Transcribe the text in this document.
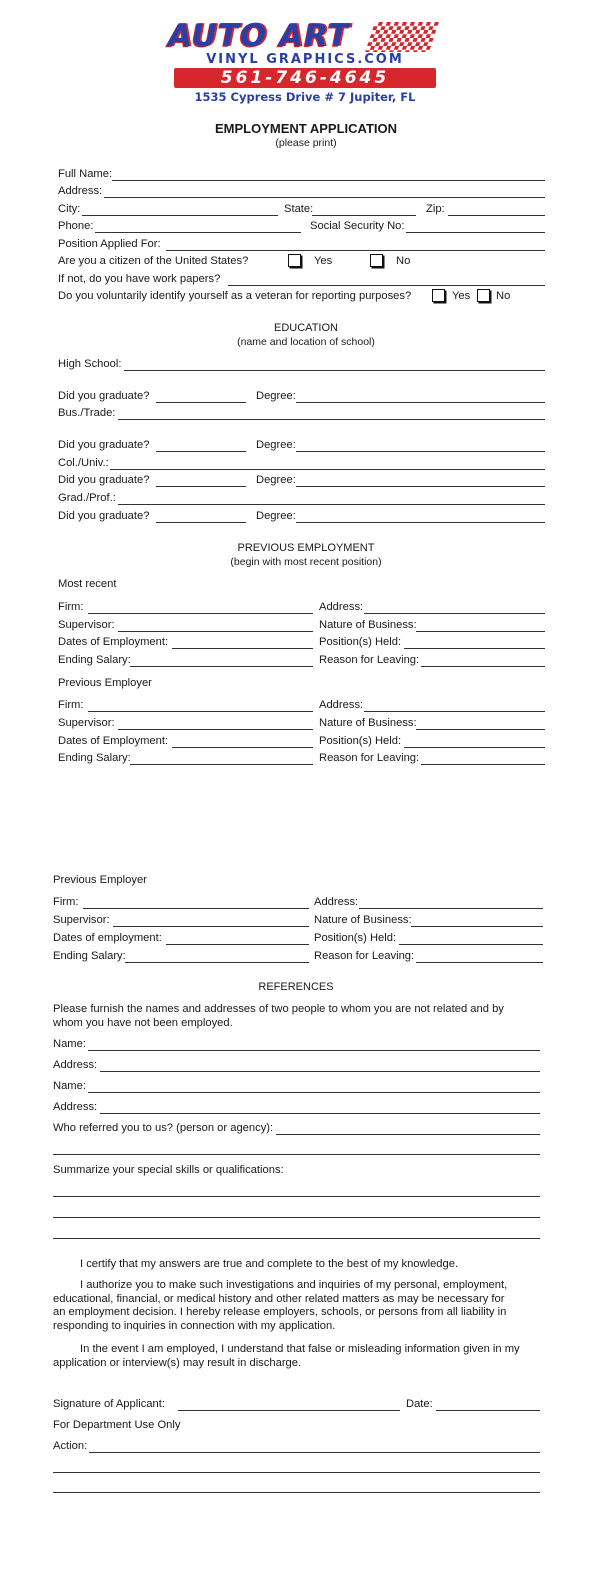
AUTO ART
VINYL GRAPHICS.COM
561-746-4645
1535 Cypress Drive # 7 Jupiter, FL
EMPLOYMENT APPLICATION
(please print)
Full Name:
Address:
City:	State:	Zip:
Phone:	Social Security No:
Position Applied For:
Are you a citizen of the United States?	Yes	No
If not, do you have work papers?
Do you voluntarily identify yourself as a veteran for reporting purposes?	Yes No
EDUCATION
(name and location of school)
High School:
Did you graduate?	Degree:
Bus./Trade:
Did you graduate?	Degree:
Col./Univ.:
Did you graduate?	Degree:
Grad./Prof.:
Did you graduate?	Degree:
PREVIOUS EMPLOYMENT
(begin with most recent position)
Most recent
Firm:	Address:
Supervisor:	Nature of Business:
Dates of Employment:	Position(s) Held:
Ending Salary:	Reason for Leaving:
Previous Employer
Firm:	Address:
Supervisor:	Nature of Business:
Dates of Employment:	Position(s) Held:
Ending Salary:	Reason for Leaving:
Previous Employer
Firm:	Address:
Supervisor:	Nature of Business:
Dates of employment:	Position(s) Held:
Ending Salary:	Reason for Leaving:
REFERENCES
Please furnish the names and addresses of two people to whom you are not related and by
whom you have not been employed.
Name:
Address:
Name:
Address:
Who referred you to us? (person or agency):
Summarize your special skills or qualifications:
I certify that my answers are true and complete to the best of my knowledge.
I authorize you to make such investigations and inquiries of my personal, employment,
educational, financial, or medical history and other related matters as may be necessary for
an employment decision. I hereby release employers, schools, or persons from all liability in
responding to inquiries in connection with my application.
In the event I am employed, I understand that false or misleading information given in my
application or interview(s) may result in discharge.
Signature of Applicant:	Date:
For Department Use Only
Action:
